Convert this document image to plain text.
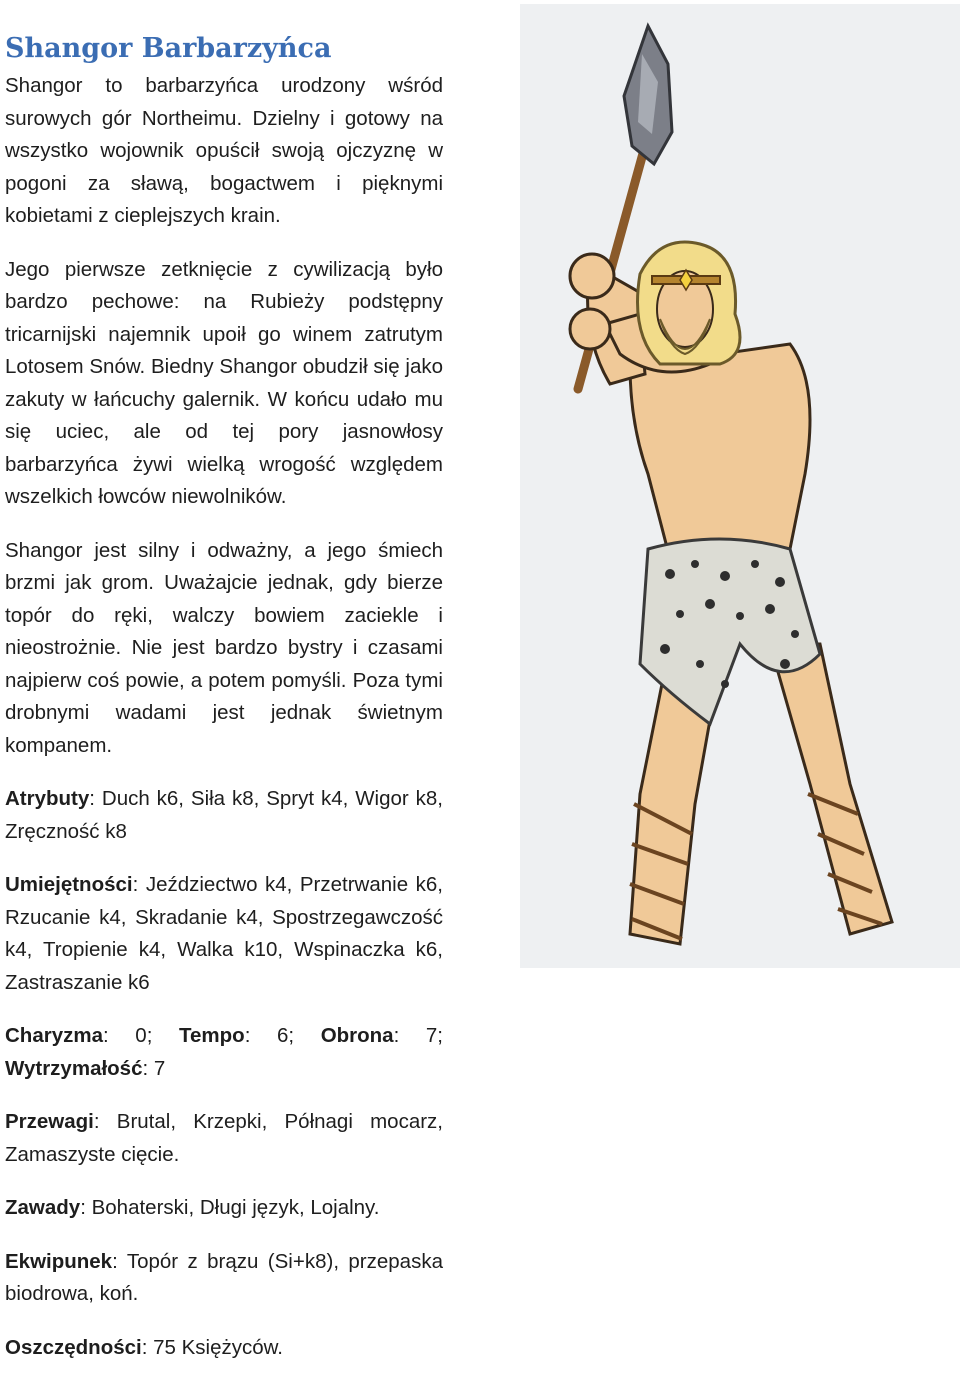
Shangor Barbarzyńca

Shangor to barbarzyńca urodzony wśród surowych gór Northeimu. Dzielny i gotowy na wszystko wojownik opuścił swoją ojczyznę w pogoni za sławą, bogactwem i pięknymi kobietami z cieplejszych krain.

Jego pierwsze zetknięcie z cywilizacją było bardzo pechowe: na Rubieży podstępny tricarnijski najemnik upoił go winem zatrutym Lotosem Snów. Biedny Shangor obudził się jako zakuty w łańcuchy galernik. W końcu udało mu się uciec, ale od tej pory jasnowłosy barbarzyńca żywi wielką wrogość względem wszelkich łowców niewolników.

Shangor jest silny i odważny, a jego śmiech brzmi jak grom. Uważajcie jednak, gdy bierze topór do ręki, walczy bowiem zaciekle i nieostrożnie. Nie jest bardzo bystry i czasami najpierw coś powie, a potem pomyśli. Poza tymi drobnymi wadami jest jednak świetnym kompanem.

Atrybuty: Duch k6, Siła k8, Spryt k4, Wigor k8, Zręczność k8

Umiejętności: Jeździectwo k4, Przetrwanie k6, Rzucanie k4, Skradanie k4, Spostrzegawczość k4, Tropienie k4, Walka k10, Wspinaczka k6, Zastraszanie k6

Charyzma: 0; Tempo: 6; Obrona: 7; Wytrzymałość: 7

Przewagi: Brutal, Krzepki, Półnagi mocarz, Zamaszyste cięcie.

Zawady: Bohaterski, Długi język, Lojalny.

Ekwipunek: Topór z brązu (Si+k8), przepaska biodrowa, koń.

Oszczędności: 75 Księżyców.
